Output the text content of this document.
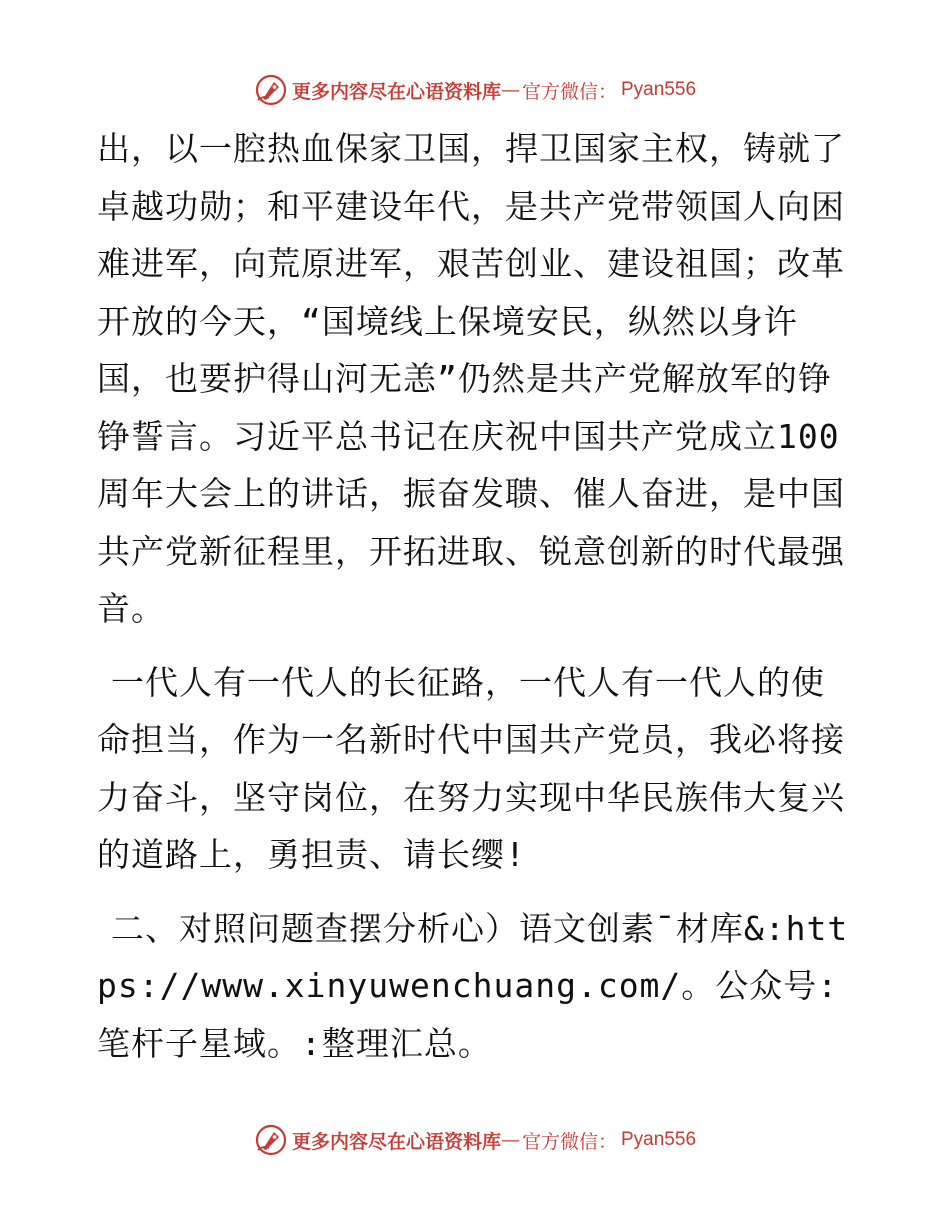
更多内容尽在心语资料库 — 官方微信： Pyan556

出，以一腔热血保家卫国，捍卫国家主权，铸就了卓越功勋；和平建设年代，是共产党带领国人向困难进军，向荒原进军，艰苦创业、建设祖国；改革开放的今天，“国境线上保境安民，纵然以身许国，也要护得山河无恙”仍然是共产党解放军的铮铮誓言。习近平总书记在庆祝中国共产党成立100周年大会上的讲话，振奋发聩、催人奋进，是中国共产党新征程里，开拓进取、锐意创新的时代最强音。

一代人有一代人的长征路，一代人有一代人的使命担当，作为一名新时代中国共产党员，我必将接力奋斗，坚守岗位，在努力实现中华民族伟大复兴的道路上，勇担责、请长缨!

二、对照问题查摆分析心）语文创素¯材库&:https://www.xinyuwenchuang.com/。公众号: 笔杆子星域。:整理汇总。

更多内容尽在心语资料库 — 官方微信： Pyan556
